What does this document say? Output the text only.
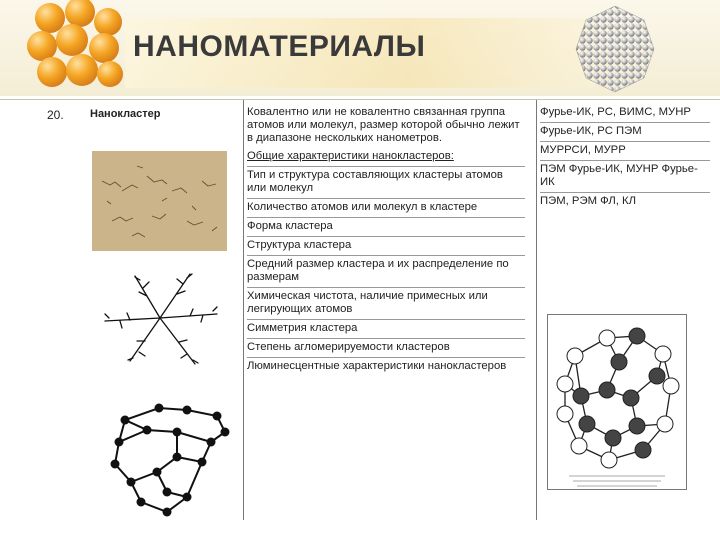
НАНОМАТЕРИАЛЫ
20. Нанокластер	Ковалентно или не ковалентно связанная группа атомов или молекул, размер которой обычно лежит в диапазоне нескольких нанометров.
Общие характеристики нанокластеров:
Тип и структура составляющих кластеры атомов или молекул
Количество атомов или молекул в кластере
Форма кластера
Структура кластера
Средний размер кластера и их распределение по размерам
Химическая чистота, наличие примесных или легирующих атомов
Симметрия кластера
Степень агломерируемости кластеров
Люминесцентные характеристики нанокластеров
Фурье-ИК, РС, ВИМС, МУНР
Фурье-ИК, РС ПЭМ
МУРРСИ, МУРР
ПЭМ Фурье-ИК, МУНР Фурье-ИК
ПЭМ, РЭМ ФЛ, КЛ
